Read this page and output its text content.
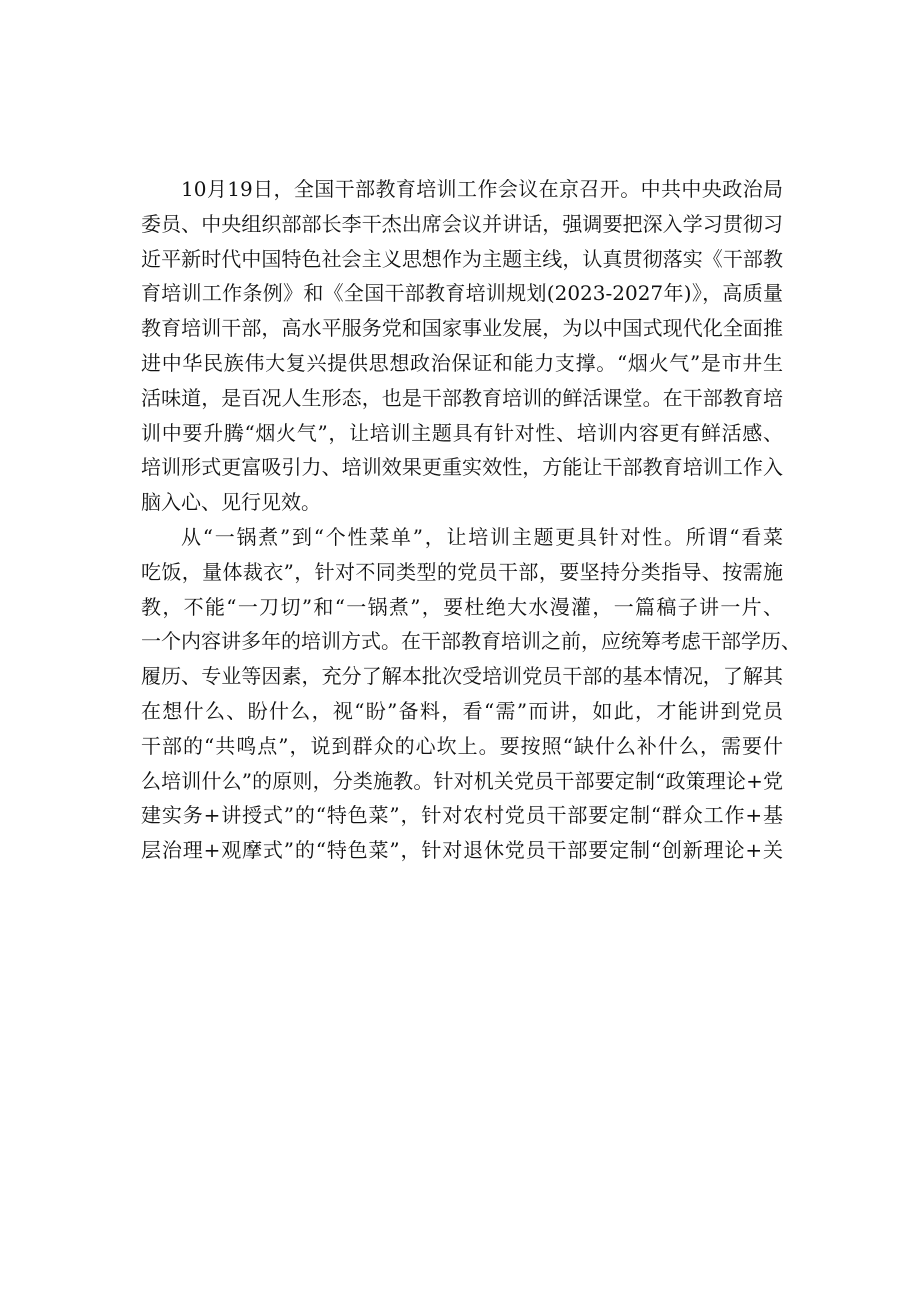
10月19日，全国干部教育培训工作会议在京召开。中共中央政治局
委员、中央组织部部长李干杰出席会议并讲话，强调要把深入学习贯彻习
近平新时代中国特色社会主义思想作为主题主线，认真贯彻落实《干部教
育培训工作条例》和《全国干部教育培训规划(2023-2027年)》，高质量
教育培训干部，高水平服务党和国家事业发展，为以中国式现代化全面推
进中华民族伟大复兴提供思想政治保证和能力支撑。“烟火气”是市井生
活味道，是百况人生形态，也是干部教育培训的鲜活课堂。在干部教育培
训中要升腾“烟火气”，让培训主题具有针对性、培训内容更有鲜活感、
培训形式更富吸引力、培训效果更重实效性，方能让干部教育培训工作入
脑入心、见行见效。
从“一锅煮”到“个性菜单”，让培训主题更具针对性。所谓“看菜
吃饭，量体裁衣”，针对不同类型的党员干部，要坚持分类指导、按需施
教，不能“一刀切”和“一锅煮”，要杜绝大水漫灌，一篇稿子讲一片、
一个内容讲多年的培训方式。在干部教育培训之前，应统筹考虑干部学历、
履历、专业等因素，充分了解本批次受培训党员干部的基本情况，了解其
在想什么、盼什么，视“盼”备料，看“需”而讲，如此，才能讲到党员
干部的“共鸣点”，说到群众的心坎上。要按照“缺什么补什么，需要什
么培训什么”的原则，分类施教。针对机关党员干部要定制“政策理论+党
建实务+讲授式”的“特色菜”，针对农村党员干部要定制“群众工作+基
层治理+观摩式”的“特色菜”，针对退休党员干部要定制“创新理论+关
